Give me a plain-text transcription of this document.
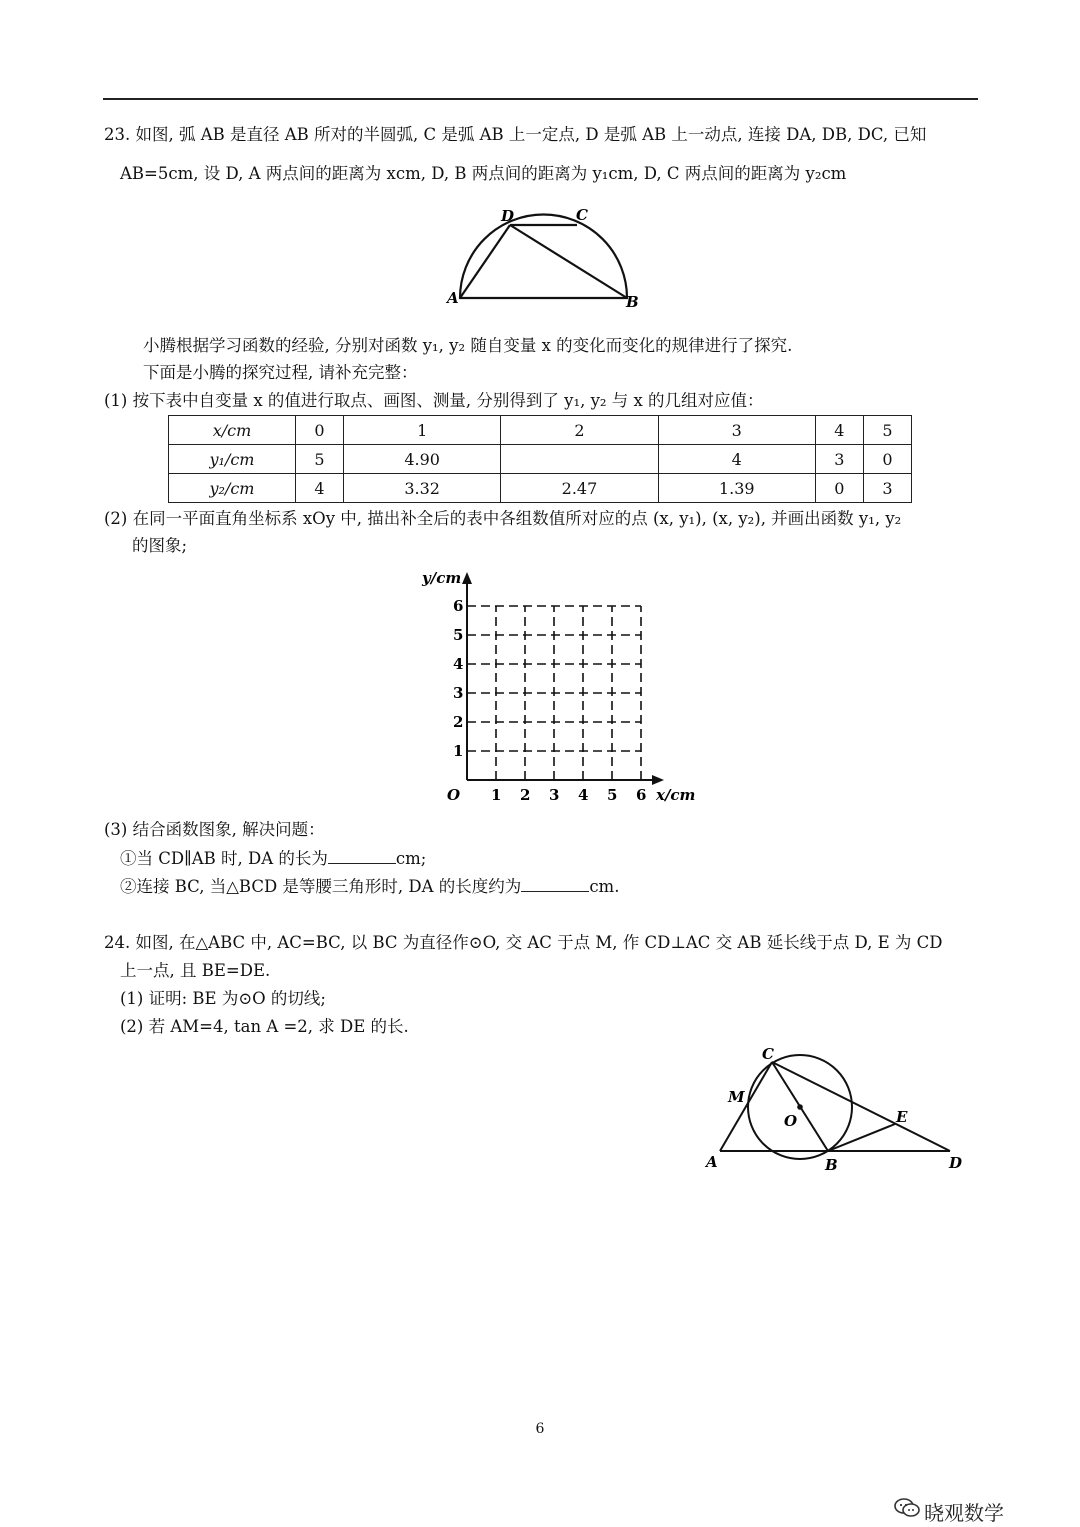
23. 如图, 弧 AB 是直径 AB 所对的半圆弧, C 是弧 AB 上一定点, D 是弧 AB 上一动点, 连接 DA, DB, DC, 已知
AB=5cm, 设 D, A 两点间的距离为 xcm, D, B 两点间的距离为 y₁cm, D, C 两点间的距离为 y₂cm
D	C
A	B
小腾根据学习函数的经验, 分别对函数 y₁, y₂ 随自变量 x 的变化而变化的规律进行了探究.
下面是小腾的探究过程, 请补充完整：
(1) 按下表中自变量 x 的值进行取点、画图、测量, 分别得到了 y₁, y₂ 与 x 的几组对应值：
x/cm	0	1	2	3	4	5
y₁/cm	5	4.90		4	3	0
y₂/cm	4	3.32	2.47	1.39	0	3
(2) 在同一平面直角坐标系 xOy 中, 描出补全后的表中各组数值所对应的点 (x, y₁), (x, y₂), 并画出函数 y₁, y₂
的图象;
1
1
2
2
3
3
4
4
5
5
6
6
y/cm
x/cm
O
(3) 结合函数图象, 解决问题：
①当 CD∥AB 时, DA 的长为	cm;
②连接 BC, 当△BCD 是等腰三角形时, DA 的长度约为	cm.
24. 如图, 在△ABC 中, AC=BC, 以 BC 为直径作⊙O, 交 AC 于点 M, 作 CD⊥AC 交 AB 延长线于点 D, E 为 CD
上一点, 且 BE=DE.
(1) 证明: BE 为⊙O 的切线;
(2) 若 AM=4, tan A =2, 求 DE 的长.
C
M
O	E
A	B	D
6
晓观数学
